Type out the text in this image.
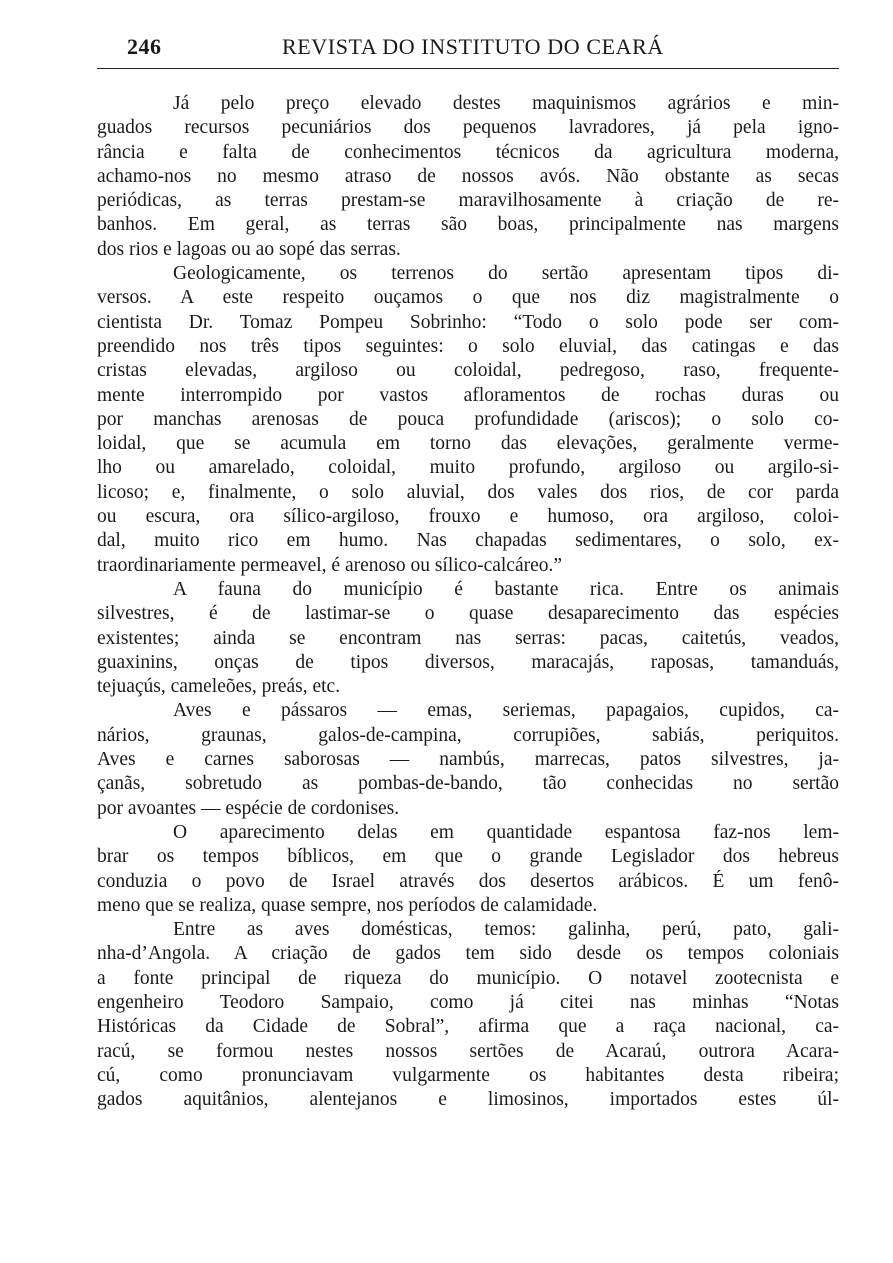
246	REVISTA DO INSTITUTO DO CEARÁ
Já pelo preço elevado destes maquinismos agrários e min-
guados recursos pecuniários dos pequenos lavradores, já pela igno-
rância e falta de conhecimentos técnicos da agricultura moderna,
achamo-nos no mesmo atraso de nossos avós. Não obstante as secas
periódicas, as terras prestam-se maravilhosamente à criação de re-
banhos. Em geral, as terras são boas, principalmente nas margens
dos rios e lagoas ou ao sopé das serras.
Geologicamente, os terrenos do sertão apresentam tipos di-
versos. A este respeito ouçamos o que nos diz magistralmente o
cientista Dr. Tomaz Pompeu Sobrinho: “Todo o solo pode ser com-
preendido nos três tipos seguintes: o solo eluvial, das catingas e das
cristas elevadas, argiloso ou coloidal, pedregoso, raso, frequente-
mente interrompido por vastos afloramentos de rochas duras ou
por manchas arenosas de pouca profundidade (ariscos); o solo co-
loidal, que se acumula em torno das elevações, geralmente verme-
lho ou amarelado, coloidal, muito profundo, argiloso ou argilo-si-
licoso; e, finalmente, o solo aluvial, dos vales dos rios, de cor parda
ou escura, ora sílico-argiloso, frouxo e humoso, ora argiloso, coloi-
dal, muito rico em humo. Nas chapadas sedimentares, o solo, ex-
traordinariamente permeavel, é arenoso ou sílico-calcáreo.”
A fauna do município é bastante rica. Entre os animais
silvestres, é de lastimar-se o quase desaparecimento das espécies
existentes; ainda se encontram nas serras: pacas, caitetús, veados,
guaxinins, onças de tipos diversos, maracajás, raposas, tamanduás,
tejuaçús, cameleões, preás, etc.
Aves e pássaros — emas, seriemas, papagaios, cupidos, ca-
nários, graunas, galos-de-campina, corrupiões, sabiás, periquitos.
Aves e carnes saborosas — nambús, marrecas, patos silvestres, ja-
çanãs, sobretudo as pombas-de-bando, tão conhecidas no sertão
por avoantes — espécie de cordonises.
O aparecimento delas em quantidade espantosa faz-nos lem-
brar os tempos bíblicos, em que o grande Legislador dos hebreus
conduzia o povo de Israel através dos desertos arábicos. É um fenô-
meno que se realiza, quase sempre, nos períodos de calamidade.
Entre as aves domésticas, temos: galinha, perú, pato, gali-
nha-d’Angola. A criação de gados tem sido desde os tempos coloniais
a fonte principal de riqueza do município. O notavel zootecnista e
engenheiro Teodoro Sampaio, como já citei nas minhas “Notas
Históricas da Cidade de Sobral”, afirma que a raça nacional, ca-
racú, se formou nestes nossos sertões de Acaraú, outrora Acara-
cú, como pronunciavam vulgarmente os habitantes desta ribeira;
gados aquitânios, alentejanos e limosinos, importados estes úl-
